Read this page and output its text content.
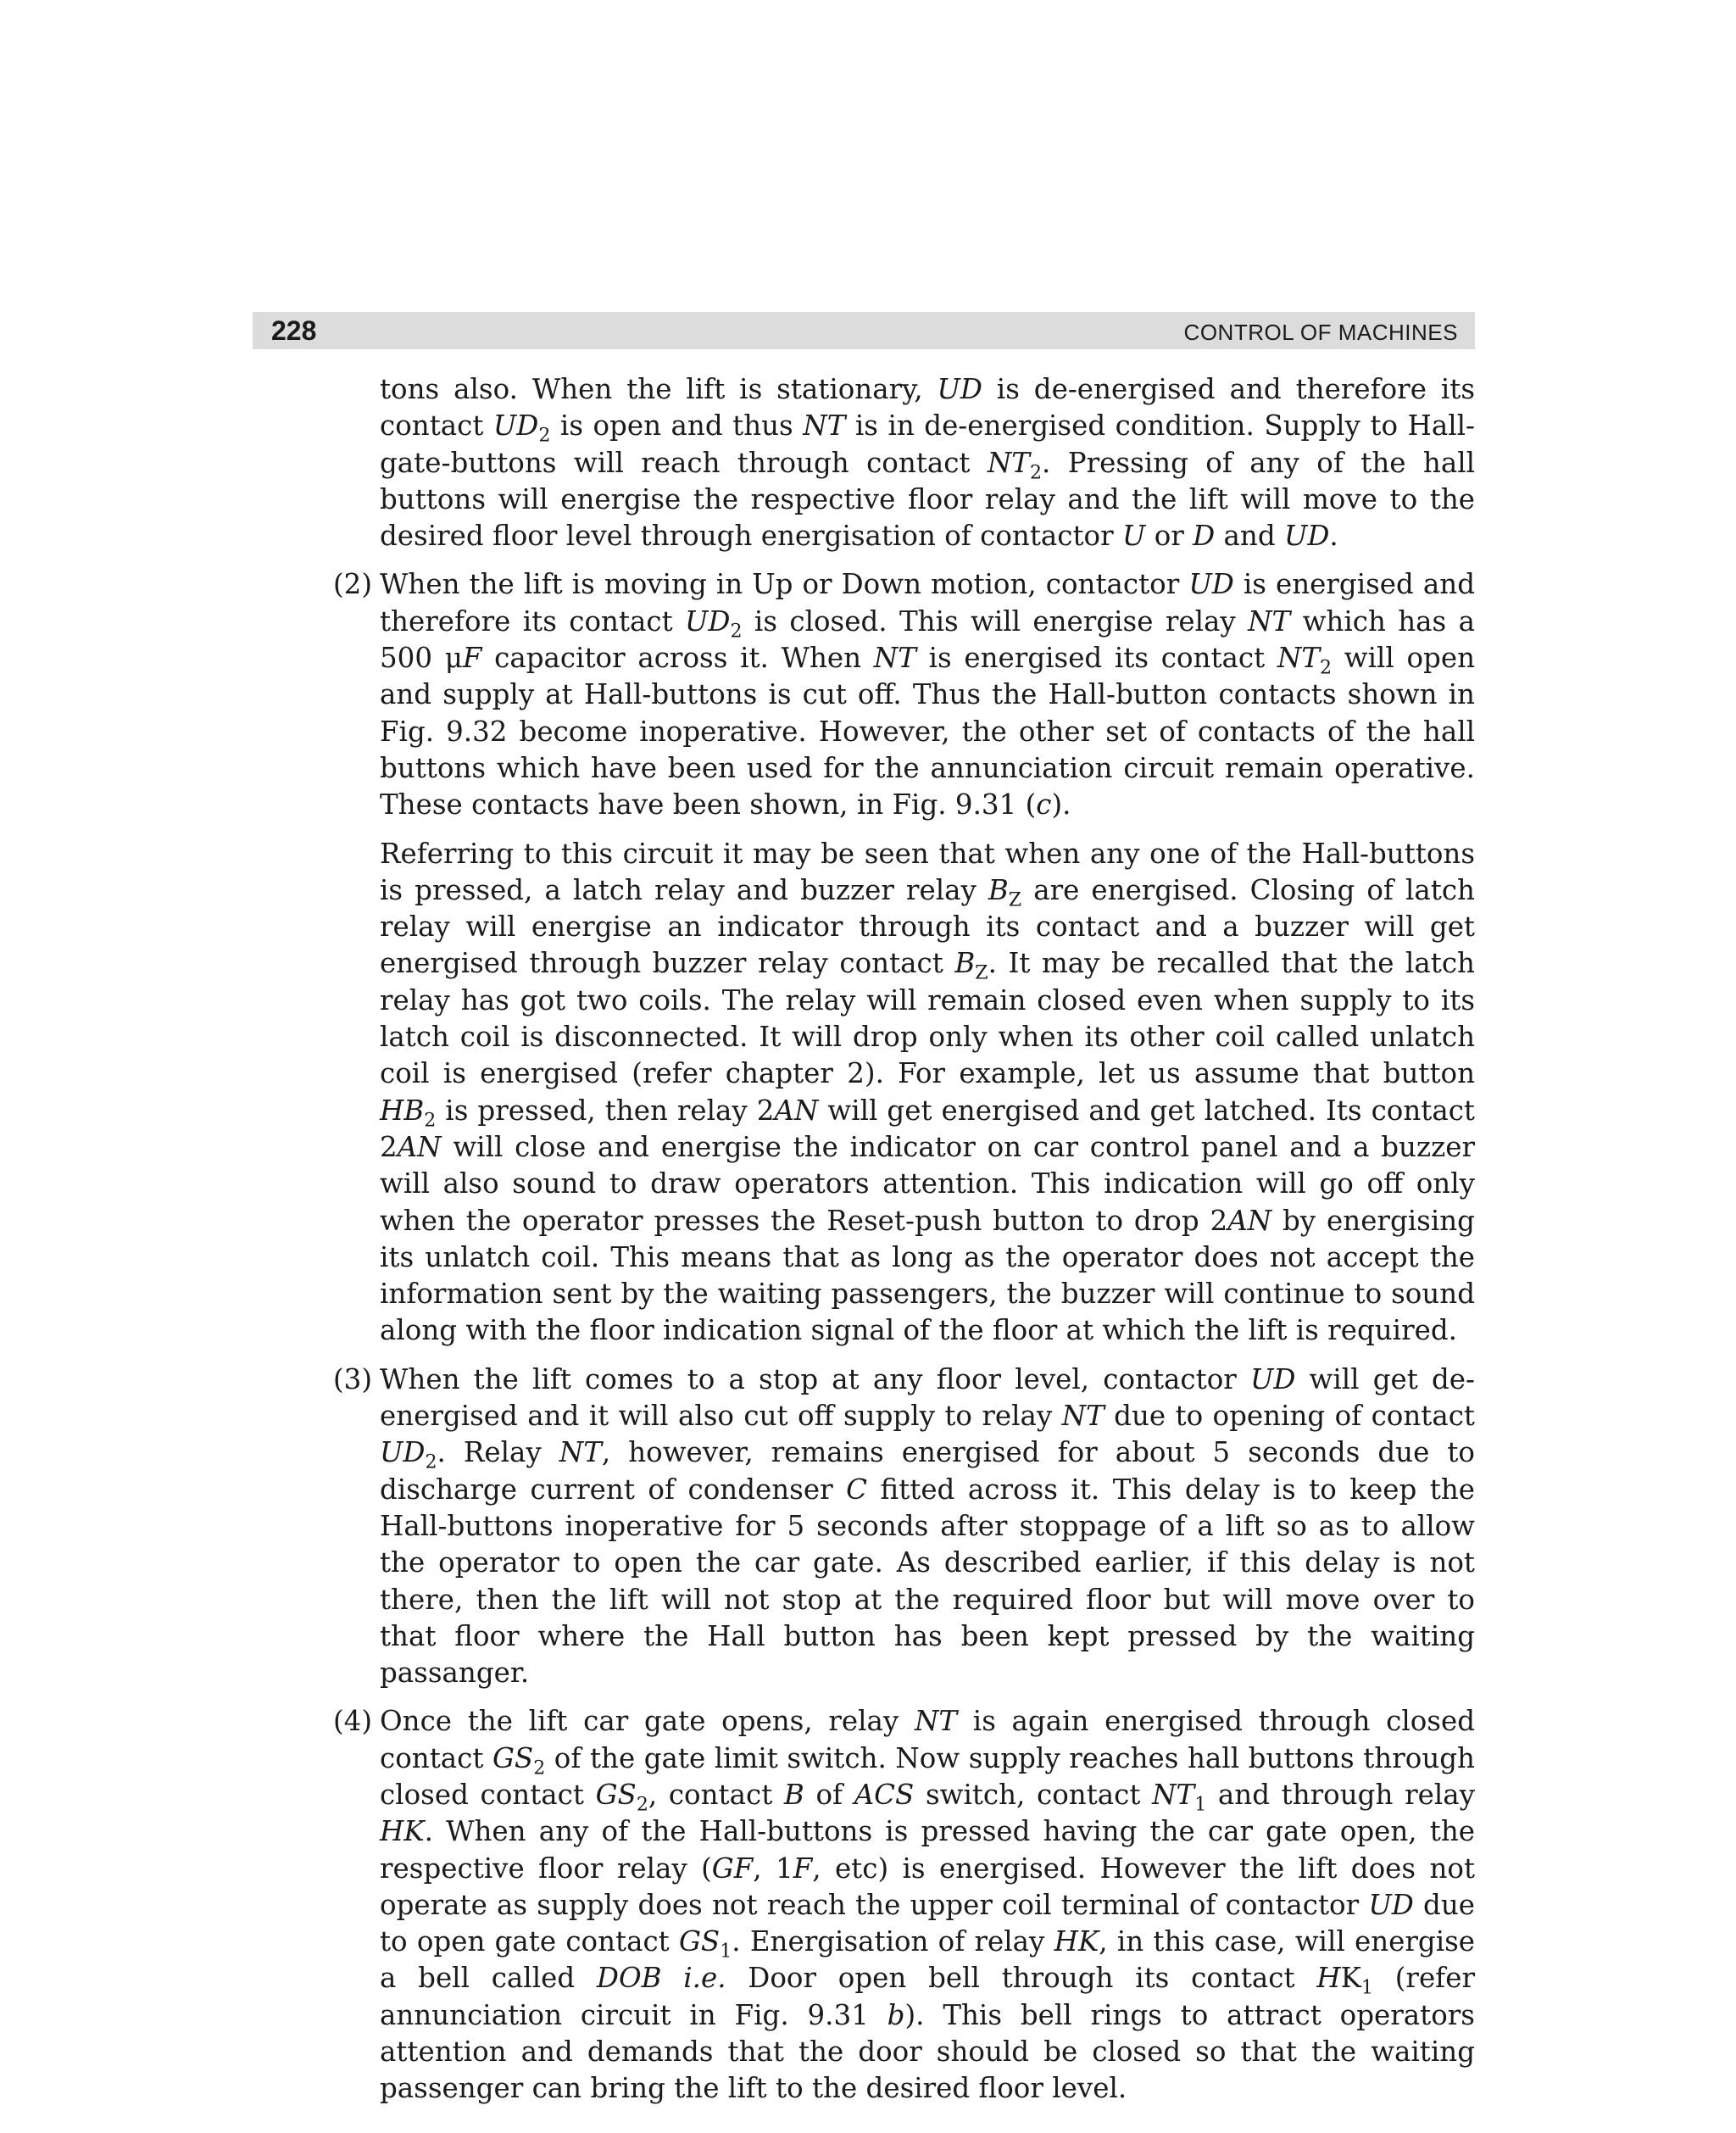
228	CONTROL OF MACHINES

tons also. When the lift is stationary, UD is de-energised and therefore its contact $UD_2$ is open and thus NT is in de-energised condition. Supply to Hall-gate-buttons will reach through contact $NT_2$. Pressing of any of the hall buttons will energise the respective floor relay and the lift will move to the desired floor level through energisation of contactor U or D and UD.

(2) When the lift is moving in Up or Down motion, contactor UD is energised and therefore its contact $UD_2$ is closed. This will energise relay NT which has a 500 μF capacitor across it. When NT is energised its contact $NT_2$ will open and supply at Hall-buttons is cut off. Thus the Hall-button contacts shown in Fig. 9.32 become inoperative. However, the other set of contacts of the hall buttons which have been used for the annunciation circuit remain operative. These contacts have been shown, in Fig. 9.31 (c).

Referring to this circuit it may be seen that when any one of the Hall-buttons is pressed, a latch relay and buzzer relay $B_Z$ are energised. Closing of latch relay will energise an indicator through its contact and a buzzer will get energised through buzzer relay contact $B_Z$. It may be recalled that the latch relay has got two coils. The relay will remain closed even when supply to its latch coil is disconnected. It will drop only when its other coil called unlatch coil is energised (refer chapter 2). For example, let us assume that button $HB_2$ is pressed, then relay 2AN will get energised and get latched. Its contact 2AN will close and energise the indicator on car control panel and a buzzer will also sound to draw operators attention. This indication will go off only when the operator presses the Reset-push button to drop 2AN by energising its unlatch coil. This means that as long as the operator does not accept the information sent by the waiting passengers, the buzzer will continue to sound along with the floor indication signal of the floor at which the lift is required.

(3) When the lift comes to a stop at any floor level, contactor UD will get de-energised and it will also cut off supply to relay NT due to opening of contact $UD_2$. Relay NT, however, remains energised for about 5 seconds due to discharge current of condenser C fitted across it. This delay is to keep the Hall-buttons inoperative for 5 seconds after stoppage of a lift so as to allow the operator to open the car gate. As described earlier, if this delay is not there, then the lift will not stop at the required floor but will move over to that floor where the Hall button has been kept pressed by the waiting passanger.

(4) Once the lift car gate opens, relay NT is again energised through closed contact $GS_2$ of the gate limit switch. Now supply reaches hall buttons through closed contact $GS_2$, contact B of ACS switch, contact $NT_1$ and through relay HK. When any of the Hall-buttons is pressed having the car gate open, the respective floor relay (GF, 1F, etc) is energised. However the lift does not operate as supply does not reach the upper coil terminal of contactor UD due to open gate contact $GS_1$. Energisation of relay HK, in this case, will energise a bell called DOB i.e. Door open bell through its contact $HK_1$ (refer annunciation circuit in Fig. 9.31 b). This bell rings to attract operators attention and demands that the door should be closed so that the waiting passenger can bring the lift to the desired floor level.
